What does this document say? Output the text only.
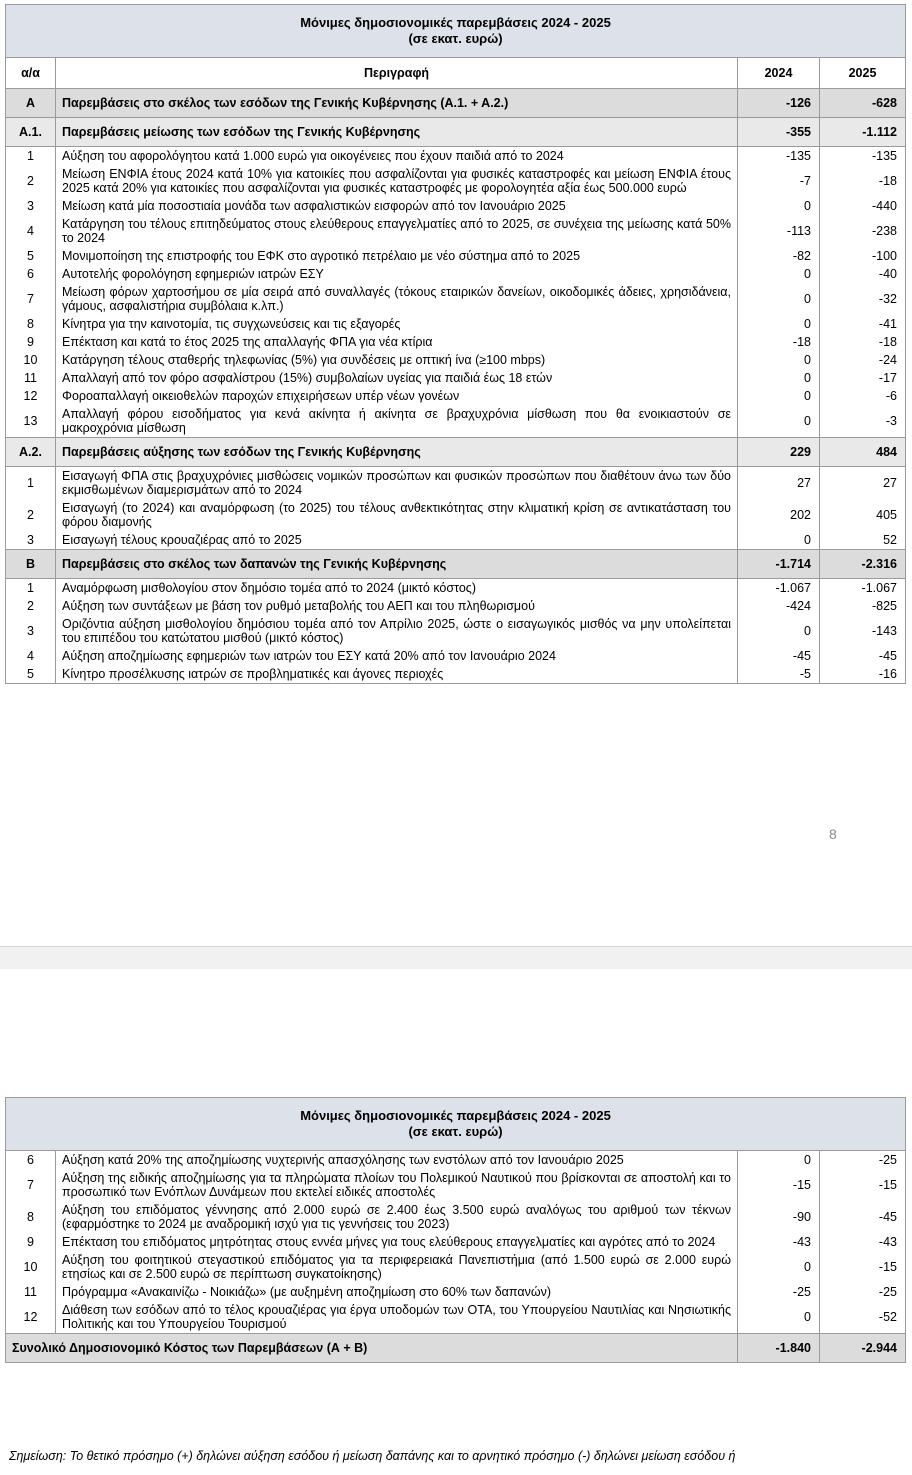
Μόνιμες δημοσιονομικές παρεμβάσεις 2024 - 2025
(σε εκατ. ευρώ)			

α/α	Περιγραφή	2024	2025
Α	Παρεμβάσεις στο σκέλος των εσόδων της Γενικής Κυβέρνησης (Α.1. + Α.2.)	-126	-628
Α.1.	Παρεμβάσεις μείωσης των εσόδων της Γενικής Κυβέρνησης	-355	-1.112
1	Αύξηση του αφορολόγητου κατά 1.000 ευρώ για οικογένειες που έχουν παιδιά από το 2024	-135	-135
2	Μείωση ΕΝΦΙΑ έτους 2024 κατά 10% για κατοικίες που ασφαλίζονται για φυσικές καταστροφές και μείωση ΕΝΦΙΑ έτους 2025 κατά 20% για κατοικίες που ασφαλίζονται για φυσικές καταστροφές με φορολογητέα αξία έως 500.000 ευρώ	-7	-18
3	Μείωση κατά μία ποσοστιαία μονάδα των ασφαλιστικών εισφορών από τον Ιανουάριο 2025	0	-440
4	Κατάργηση του τέλους επιτηδεύματος στους ελεύθερους επαγγελματίες από το 2025, σε συνέχεια της μείωσης κατά 50% το 2024	-113	-238
5	Μονιμοποίηση της επιστροφής του ΕΦΚ στο αγροτικό πετρέλαιο με νέο σύστημα από το 2025	-82	-100
6	Αυτοτελής φορολόγηση εφημεριών ιατρών ΕΣΥ	0	-40
7	Μείωση φόρων χαρτοσήμου σε μία σειρά από συναλλαγές (τόκους εταιρικών δανείων, οικοδομικές άδειες, χρησιδάνεια, γάμους, ασφαλιστήρια συμβόλαια κ.λπ.)	0	-32
8	Κίνητρα για την καινοτομία, τις συγχωνεύσεις και τις εξαγορές	0	-41
9	Επέκταση και κατά το έτος 2025 της απαλλαγής ΦΠΑ για νέα κτίρια	-18	-18
10	Κατάργηση τέλους σταθερής τηλεφωνίας (5%) για συνδέσεις με οπτική ίνα (≥100 mbps)	0	-24
11	Απαλλαγή από τον φόρο ασφαλίστρου (15%) συμβολαίων υγείας για παιδιά έως 18 ετών	0	-17
12	Φοροαπαλλαγή οικειοθελών παροχών επιχειρήσεων υπέρ νέων γονέων	0	-6
13	Απαλλαγή φόρου εισοδήματος για κενά ακίνητα ή ακίνητα σε βραχυχρόνια μίσθωση που θα ενοικιαστούν σε μακροχρόνια μίσθωση	0	-3
Α.2.	Παρεμβάσεις αύξησης των εσόδων της Γενικής Κυβέρνησης	229	484
1	Εισαγωγή ΦΠΑ στις βραχυχρόνιες μισθώσεις νομικών προσώπων και φυσικών προσώπων που διαθέτουν άνω των δύο εκμισθωμένων διαμερισμάτων από το 2024	27	27
2	Εισαγωγή (το 2024) και αναμόρφωση (το 2025) του τέλους ανθεκτικότητας στην κλιματική κρίση σε αντικατάσταση του φόρου διαμονής	202	405
3	Εισαγωγή τέλους κρουαζιέρας από το 2025	0	52
Β	Παρεμβάσεις στο σκέλος των δαπανών της Γενικής Κυβέρνησης	-1.714	-2.316
1	Αναμόρφωση μισθολογίου στον δημόσιο τομέα από το 2024 (μικτό κόστος)	-1.067	-1.067
2	Αύξηση των συντάξεων με βάση τον ρυθμό μεταβολής του ΑΕΠ και του πληθωρισμού	-424	-825
3	Οριζόντια αύξηση μισθολογίου δημόσιου τομέα από τον Απρίλιο 2025, ώστε ο εισαγωγικός μισθός να μην υπολείπεται του επιπέδου του κατώτατου μισθού (μικτό κόστος)	0	-143
4	Αύξηση αποζημίωσης εφημεριών των ιατρών του ΕΣΥ κατά 20% από τον Ιανουάριο 2024	-45	-45
5	Κίνητρο προσέλκυσης ιατρών σε προβληματικές και άγονες περιοχές	-5	-16
8
Μόνιμες δημοσιονομικές παρεμβάσεις 2024 - 2025
(σε εκατ. ευρώ)			

6	Αύξηση κατά 20% της αποζημίωσης νυχτερινής απασχόλησης των ενστόλων από τον Ιανουάριο 2025	0	-25
7	Αύξηση της ειδικής αποζημίωσης για τα πληρώματα πλοίων του Πολεμικού Ναυτικού που βρίσκονται σε αποστολή και το προσωπικό των Ενόπλων Δυνάμεων που εκτελεί ειδικές αποστολές	-15	-15
8	Αύξηση του επιδόματος γέννησης από 2.000 ευρώ σε 2.400 έως 3.500 ευρώ αναλόγως του αριθμού των τέκνων (εφαρμόστηκε το 2024 με αναδρομική ισχύ για τις γεννήσεις του 2023)	-90	-45
9	Επέκταση του επιδόματος μητρότητας στους εννέα μήνες για τους ελεύθερους επαγγελματίες και αγρότες από το 2024	-43	-43
10	Αύξηση του φοιτητικού στεγαστικού επιδόματος για τα περιφερειακά Πανεπιστήμια (από 1.500 ευρώ σε 2.000 ευρώ ετησίως και σε 2.500 ευρώ σε περίπτωση συγκατοίκησης)	0	-15
11	Πρόγραμμα «Ανακαινίζω - Νοικιάζω» (με αυξημένη αποζημίωση στο 60% των δαπανών)	-25	-25
12	Διάθεση των εσόδων από το τέλος κρουαζιέρας για έργα υποδομών των ΟΤΑ, του Υπουργείου Ναυτιλίας και Νησιωτικής Πολιτικής και του Υπουργείου Τουρισμού	0	-52
Συνολικό Δημοσιονομικό Κόστος των Παρεμβάσεων (Α + Β)		-1.840	-2.944
Σημείωση: Το θετικό πρόσημο (+) δηλώνει αύξηση εσόδου ή μείωση δαπάνης και το αρνητικό πρόσημο (-) δηλώνει μείωση εσόδου ή
